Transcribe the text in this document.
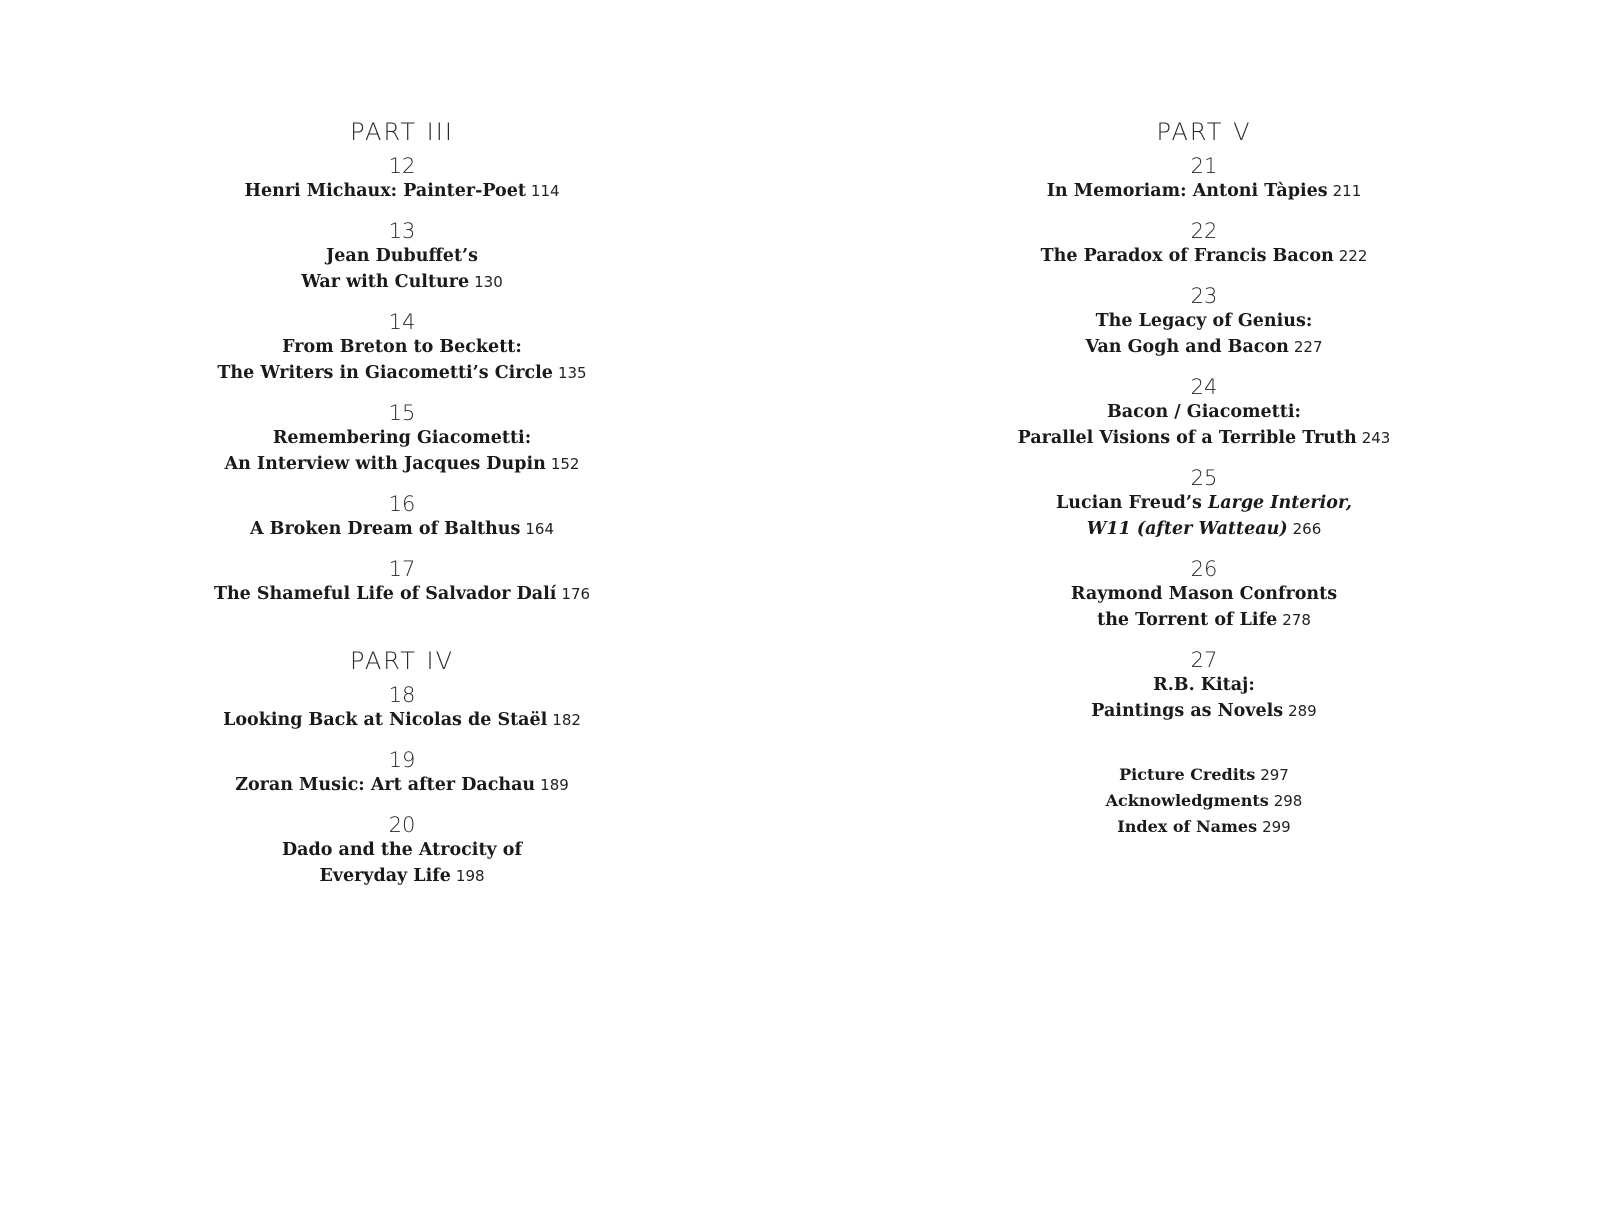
PART III
12
Henri Michaux: Painter-Poet 114
13
Jean Dubuffet’s
War with Culture 130
14
From Breton to Beckett:
The Writers in Giacometti’s Circle 135
15
Remembering Giacometti:
An Interview with Jacques Dupin 152
16
A Broken Dream of Balthus 164
17
The Shameful Life of Salvador Dalí 176
PART IV
18
Looking Back at Nicolas de Staël 182
19
Zoran Music: Art after Dachau 189
20
Dado and the Atrocity of
Everyday Life 198
PART V
21
In Memoriam: Antoni Tàpies 211
22
The Paradox of Francis Bacon 222
23
The Legacy of Genius:
Van Gogh and Bacon 227
24
Bacon / Giacometti:
Parallel Visions of a Terrible Truth 243
25
Lucian Freud’s Large Interior,
W11 (after Watteau) 266
26
Raymond Mason Confronts
the Torrent of Life 278
27
R.B. Kitaj:
Paintings as Novels 289
Picture Credits 297
Acknowledgments 298
Index of Names 299
